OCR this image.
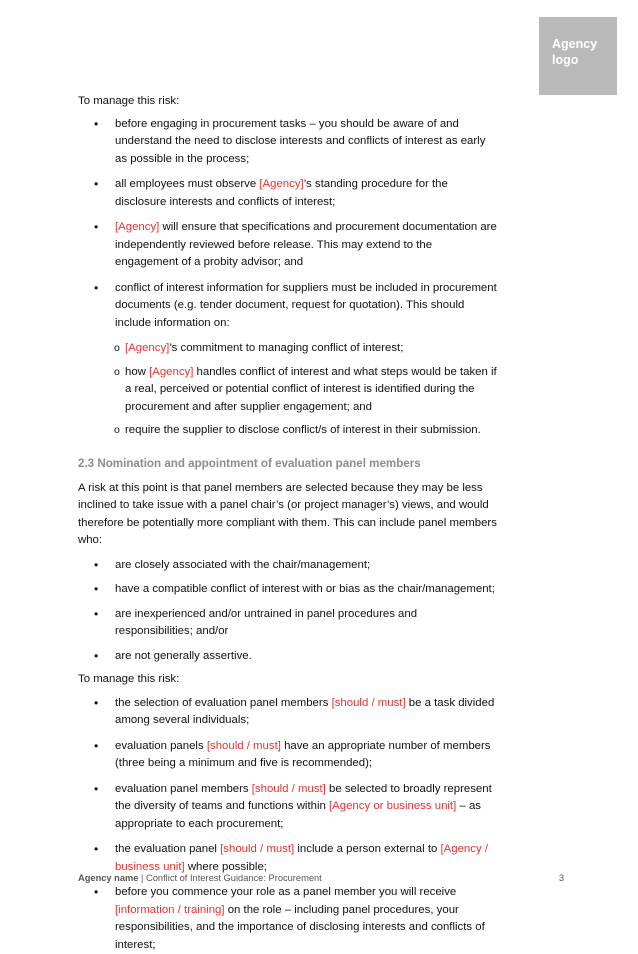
Agency
logo

To manage this risk:

• before engaging in procurement tasks – you should be aware of and understand the need to disclose interests and conflicts of interest as early as possible in the process;
• all employees must observe [Agency]’s standing procedure for the disclosure interests and conflicts of interest;
• [Agency] will ensure that specifications and procurement documentation are independently reviewed before release. This may extend to the engagement of a probity advisor; and
• conflict of interest information for suppliers must be included in procurement documents (e.g. tender document, request for quotation). This should include information on:
o [Agency]’s commitment to managing conflict of interest;
o how [Agency] handles conflict of interest and what steps would be taken if a real, perceived or potential conflict of interest is identified during the procurement and after supplier engagement; and
o require the supplier to disclose conflict/s of interest in their submission.

2.3 Nomination and appointment of evaluation panel members

A risk at this point is that panel members are selected because they may be less inclined to take issue with a panel chair’s (or project manager’s) views, and would therefore be potentially more compliant with them. This can include panel members who:

• are closely associated with the chair/management;
• have a compatible conflict of interest with or bias as the chair/management;
• are inexperienced and/or untrained in panel procedures and responsibilities; and/or
• are not generally assertive.

To manage this risk:

• the selection of evaluation panel members [should / must] be a task divided among several individuals;
• evaluation panels [should / must] have an appropriate number of members (three being a minimum and five is recommended);
• evaluation panel members [should / must] be selected to broadly represent the diversity of teams and functions within [Agency or business unit] – as appropriate to each procurement;
• the evaluation panel [should / must] include a person external to [Agency / business unit] where possible;
• before you commence your role as a panel member you will receive [information / training] on the role – including panel procedures, your responsibilities, and the importance of disclosing interests and conflicts of interest;
Agency name | Conflict of Interest Guidance: Procurement	3
